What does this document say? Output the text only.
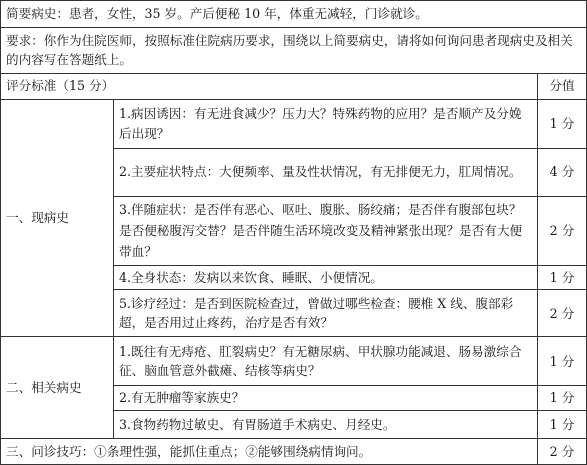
简要病史：患者，女性，35 岁。产后便秘 10 年，体重无减轻，门诊就诊。		
要求：你作为住院医师，按照标准住院病历要求，围绕以上简要病史，请将如何询问患者现病史及相关的内容写在答题纸上。		
评分标准（15 分）		分值
一、现病史	1.病因诱因：有无进食减少？压力大？特殊药物的应用？是否顺产及分娩后出现？	1 分
	2.主要症状特点：大便频率、量及性状情况，有无排便无力，肛周情况。	4 分
	3.伴随症状：是否伴有恶心、呕吐、腹胀、肠绞痛；是否伴有腹部包块？是否便秘腹泻交替？是否伴随生活环境改变及精神紧张出现？是否有大便带血？	2 分
	4.全身状态：发病以来饮食、睡眠、小便情况。	1 分
	5.诊疗经过：是否到医院检查过，曾做过哪些检查：腰椎 X 线、腹部彩超，是否用过止疼药，治疗是否有效？	2 分
二、相关病史	1.既往有无痔疮、肛裂病史？有无糖尿病、甲状腺功能减退、肠易激综合征、脑血管意外截瘫、结核等病史？	1 分
	2.有无肿瘤等家族史？	1 分
	3.食物药物过敏史、有胃肠道手术病史、月经史。	1 分
三、问诊技巧：①条理性强，能抓住重点；②能够围绕病情询问。		2 分
